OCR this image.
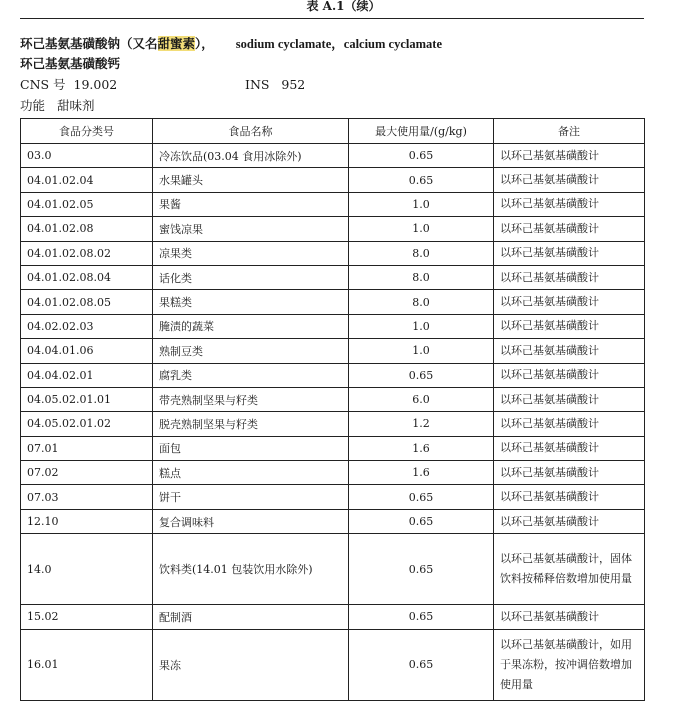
表 A.1（续）
环己基氨基磺酸钠（又名甜蜜素）， sodium cyclamate，calcium cyclamate
环己基氨基磺酸钙
CNS 号 19.002	INS 952
功能 甜味剂
食品分类号	食品名称	最大使用量/(g/kg)	备注
03.0	冷冻饮品(03.04 食用冰除外)	0.65	以环己基氨基磺酸计
04.01.02.04	水果罐头	0.65	以环己基氨基磺酸计
04.01.02.05	果酱	1.0	以环己基氨基磺酸计
04.01.02.08	蜜饯凉果	1.0	以环己基氨基磺酸计
04.01.02.08.02	凉果类	8.0	以环己基氨基磺酸计
04.01.02.08.04	话化类	8.0	以环己基氨基磺酸计
04.01.02.08.05	果糕类	8.0	以环己基氨基磺酸计
04.02.02.03	腌渍的蔬菜	1.0	以环己基氨基磺酸计
04.04.01.06	熟制豆类	1.0	以环己基氨基磺酸计
04.04.02.01	腐乳类	0.65	以环己基氨基磺酸计
04.05.02.01.01	带壳熟制坚果与籽类	6.0	以环己基氨基磺酸计
04.05.02.01.02	脱壳熟制坚果与籽类	1.2	以环己基氨基磺酸计
07.01	面包	1.6	以环己基氨基磺酸计
07.02	糕点	1.6	以环己基氨基磺酸计
07.03	饼干	0.65	以环己基氨基磺酸计
12.10	复合调味料	0.65	以环己基氨基磺酸计
14.0	饮料类(14.01 包装饮用水除外)	0.65	以环己基氨基磺酸计，固体饮料按稀释倍数增加使用量
15.02	配制酒	0.65	以环己基氨基磺酸计
16.01	果冻	0.65	以环己基氨基磺酸计，如用于果冻粉，按冲调倍数增加使用量
